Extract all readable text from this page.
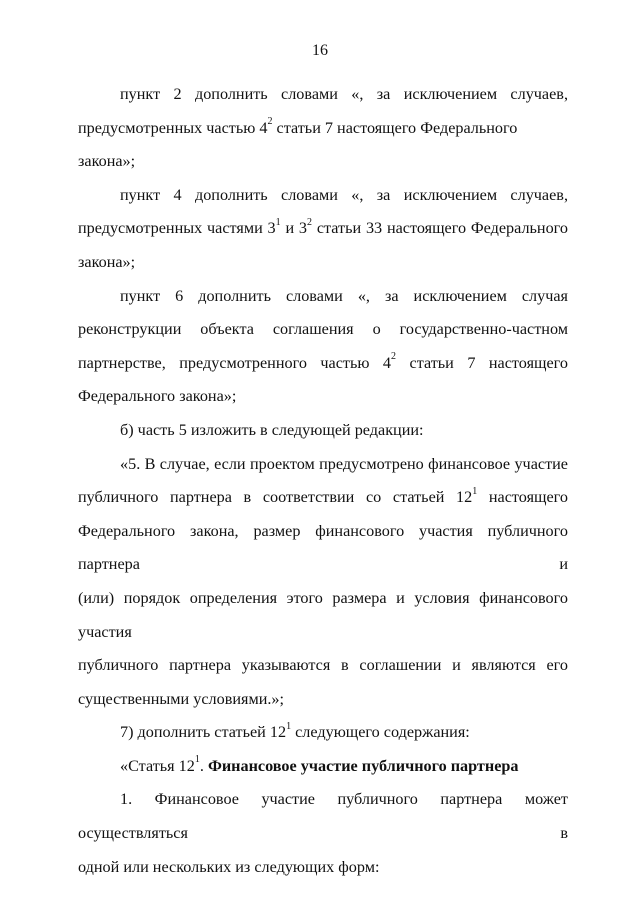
16

пункт 2 дополнить словами «, за исключением случаев,

предусмотренных частью $4^2$ статьи 7 настоящего Федерального закона»;

пункт 4 дополнить словами «, за исключением случаев,

предусмотренных частями $3^1$ и $3^2$ статьи 33 настоящего Федерального

закона»;

пункт 6 дополнить словами «, за исключением случая

реконструкции объекта соглашения о государственно-частном

партнерстве, предусмотренного частью $4^2$ статьи 7 настоящего

Федерального закона»;

б) часть 5 изложить в следующей редакции:

«5. В случае, если проектом предусмотрено финансовое участие

публичного партнера в соответствии со статьей $12^1$ настоящего

Федерального закона, размер финансового участия публичного партнера и

(или) порядок определения этого размера и условия финансового участия

публичного партнера указываются в соглашении и являются его

существенными условиями.»;

7) дополнить статьей $12^1$ следующего содержания:

«Статья $12^1$. Финансовое участие публичного партнера

1. Финансовое участие публичного партнера может осуществляться в

одной или нескольких из следующих форм:
